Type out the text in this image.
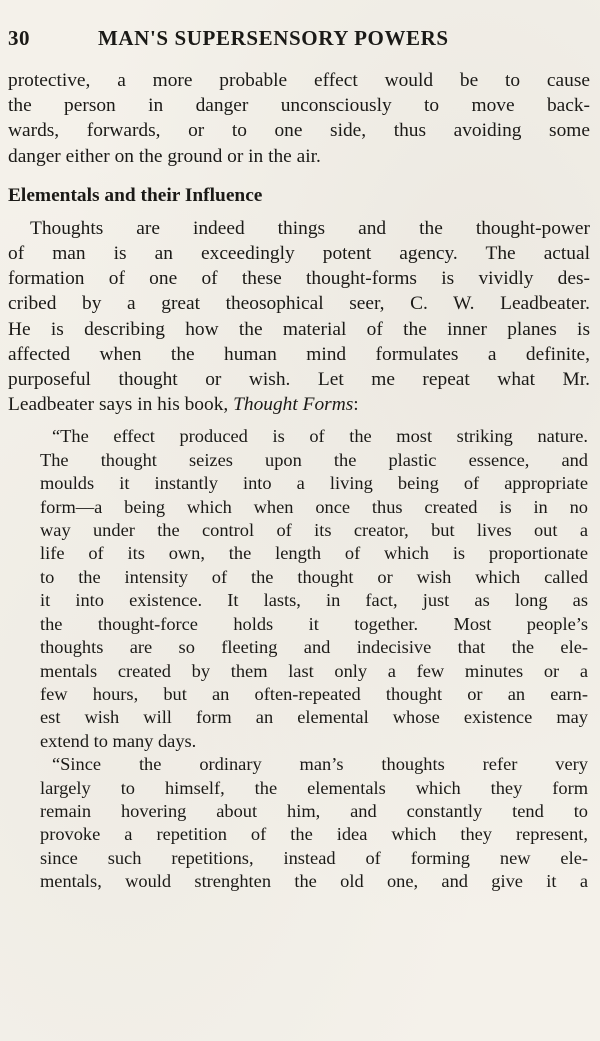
30	MAN'S SUPERSENSORY POWERS
protective, a more probable effect would be to cause
the person in danger unconsciously to move back-
wards, forwards, or to one side, thus avoiding some
danger either on the ground or in the air.
Elementals and their Influence
Thoughts are indeed things and the thought-power
of man is an exceedingly potent agency. The actual
formation of one of these thought-forms is vividly des-
cribed by a great theosophical seer, C. W. Leadbeater.
He is describing how the material of the inner planes is
affected when the human mind formulates a definite,
purposeful thought or wish. Let me repeat what Mr.
Leadbeater says in his book, Thought Forms:
“The effect produced is of the most striking nature.
The thought seizes upon the plastic essence, and
moulds it instantly into a living being of appropriate
form—a being which when once thus created is in no
way under the control of its creator, but lives out a
life of its own, the length of which is proportionate
to the intensity of the thought or wish which called
it into existence. It lasts, in fact, just as long as
the thought-force holds it together. Most people’s
thoughts are so fleeting and indecisive that the ele-
mentals created by them last only a few minutes or a
few hours, but an often-repeated thought or an earn-
est wish will form an elemental whose existence may
extend to many days.
“Since the ordinary man’s thoughts refer very
largely to himself, the elementals which they form
remain hovering about him, and constantly tend to
provoke a repetition of the idea which they represent,
since such repetitions, instead of forming new ele-
mentals, would strenghten the old one, and give it a
